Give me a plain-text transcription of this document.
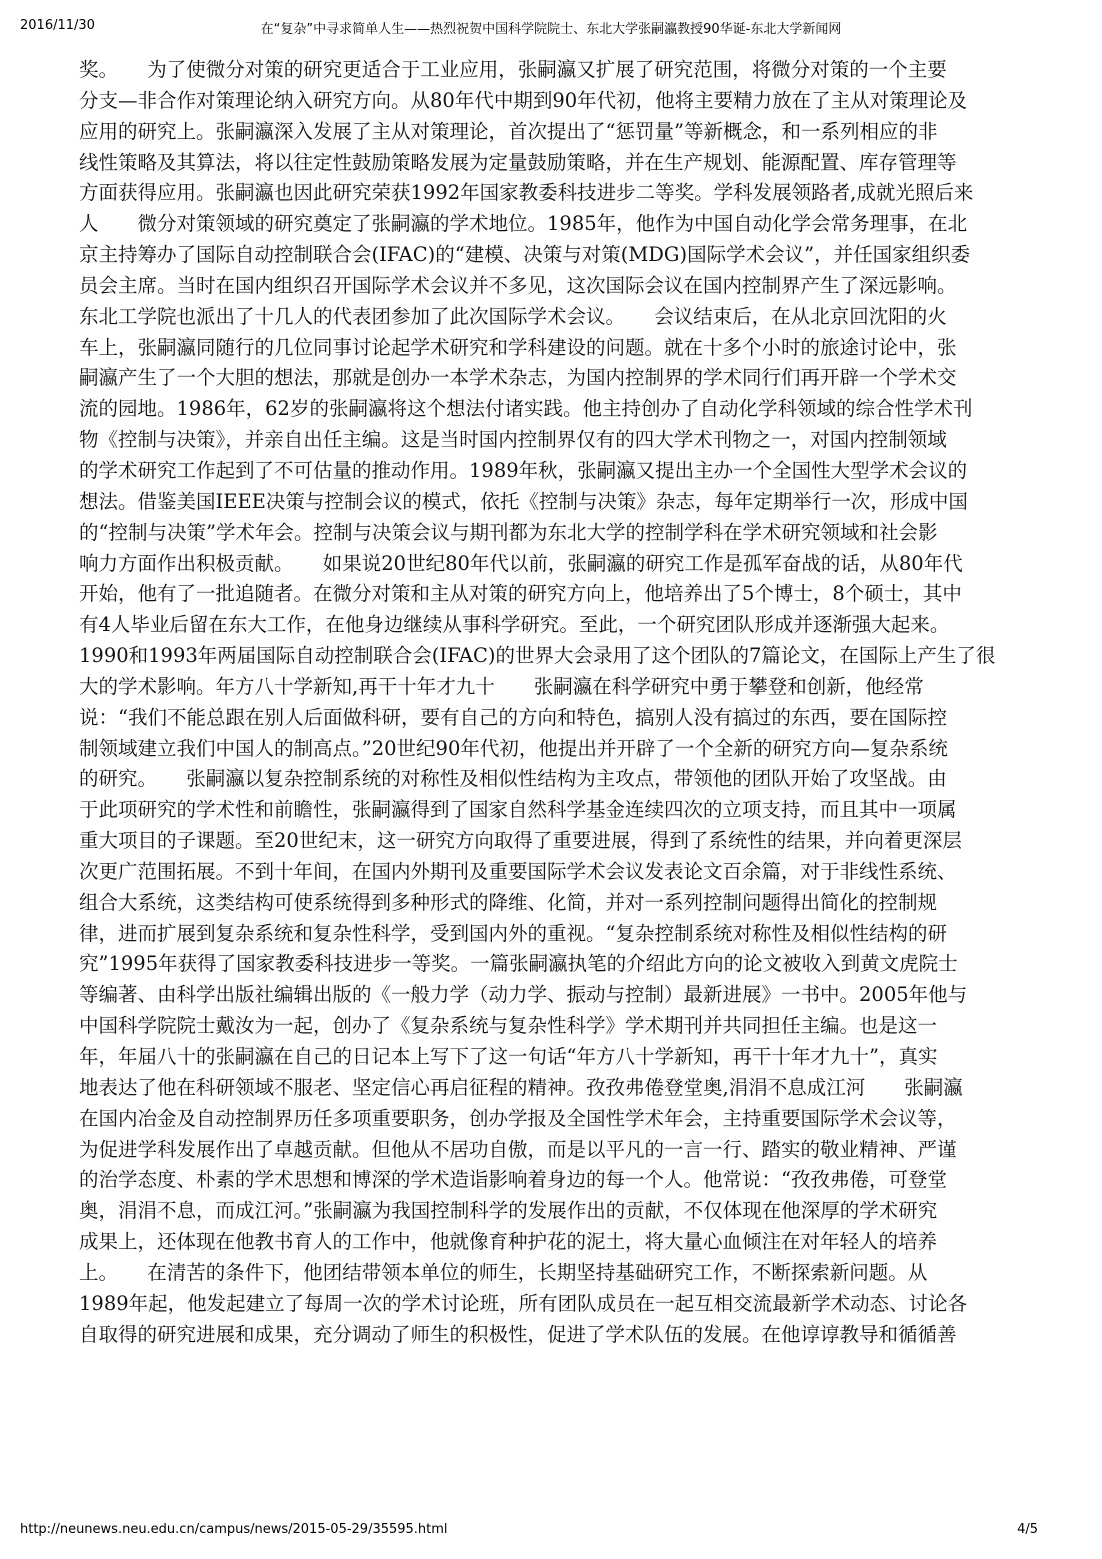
2016/11/30	在“复杂”中寻求简单人生——热烈祝贺中国科学院院士、东北大学张嗣瀛教授90华诞-东北大学新闻网
奖。　　为了使微分对策的研究更适合于工业应用，张嗣瀛又扩展了研究范围，将微分对策的一个主要
分支—非合作对策理论纳入研究方向。从80年代中期到90年代初，他将主要精力放在了主从对策理论及
应用的研究上。张嗣瀛深入发展了主从对策理论，首次提出了“惩罚量”等新概念，和一系列相应的非
线性策略及其算法，将以往定性鼓励策略发展为定量鼓励策略，并在生产规划、能源配置、库存管理等
方面获得应用。张嗣瀛也因此研究荣获1992年国家教委科技进步二等奖。学科发展领路者,成就光照后来
人　　微分对策领域的研究奠定了张嗣瀛的学术地位。1985年，他作为中国自动化学会常务理事，在北
京主持筹办了国际自动控制联合会(IFAC)的“建模、决策与对策(MDG)国际学术会议”，并任国家组织委
员会主席。当时在国内组织召开国际学术会议并不多见，这次国际会议在国内控制界产生了深远影响。
东北工学院也派出了十几人的代表团参加了此次国际学术会议。　　会议结束后，在从北京回沈阳的火
车上，张嗣瀛同随行的几位同事讨论起学术研究和学科建设的问题。就在十多个小时的旅途讨论中，张
嗣瀛产生了一个大胆的想法，那就是创办一本学术杂志，为国内控制界的学术同行们再开辟一个学术交
流的园地。1986年，62岁的张嗣瀛将这个想法付诸实践。他主持创办了自动化学科领域的综合性学术刊
物《控制与决策》，并亲自出任主编。这是当时国内控制界仅有的四大学术刊物之一，对国内控制领域
的学术研究工作起到了不可估量的推动作用。1989年秋，张嗣瀛又提出主办一个全国性大型学术会议的
想法。借鉴美国IEEE决策与控制会议的模式，依托《控制与决策》杂志，每年定期举行一次，形成中国
的“控制与决策”学术年会。控制与决策会议与期刊都为东北大学的控制学科在学术研究领域和社会影
响力方面作出积极贡献。　　如果说20世纪80年代以前，张嗣瀛的研究工作是孤军奋战的话，从80年代
开始，他有了一批追随者。在微分对策和主从对策的研究方向上，他培养出了5个博士，8个硕士，其中
有4人毕业后留在东大工作，在他身边继续从事科学研究。至此，一个研究团队形成并逐渐强大起来。
1990和1993年两届国际自动控制联合会(IFAC)的世界大会录用了这个团队的7篇论文，在国际上产生了很
大的学术影响。年方八十学新知,再干十年才九十　　张嗣瀛在科学研究中勇于攀登和创新，他经常
说：“我们不能总跟在别人后面做科研，要有自己的方向和特色，搞别人没有搞过的东西，要在国际控
制领域建立我们中国人的制高点。”20世纪90年代初，他提出并开辟了一个全新的研究方向—复杂系统
的研究。　　张嗣瀛以复杂控制系统的对称性及相似性结构为主攻点，带领他的团队开始了攻坚战。由
于此项研究的学术性和前瞻性，张嗣瀛得到了国家自然科学基金连续四次的立项支持，而且其中一项属
重大项目的子课题。至20世纪末，这一研究方向取得了重要进展，得到了系统性的结果，并向着更深层
次更广范围拓展。不到十年间，在国内外期刊及重要国际学术会议发表论文百余篇，对于非线性系统、
组合大系统，这类结构可使系统得到多种形式的降维、化简，并对一系列控制问题得出简化的控制规
律，进而扩展到复杂系统和复杂性科学，受到国内外的重视。“复杂控制系统对称性及相似性结构的研
究”1995年获得了国家教委科技进步一等奖。一篇张嗣瀛执笔的介绍此方向的论文被收入到黄文虎院士
等编著、由科学出版社编辑出版的《一般力学（动力学、振动与控制）最新进展》一书中。2005年他与
中国科学院院士戴汝为一起，创办了《复杂系统与复杂性科学》学术期刊并共同担任主编。也是这一
年，年届八十的张嗣瀛在自己的日记本上写下了这一句话“年方八十学新知，再干十年才九十”，真实
地表达了他在科研领域不服老、坚定信心再启征程的精神。孜孜弗倦登堂奥,涓涓不息成江河　　张嗣瀛
在国内冶金及自动控制界历任多项重要职务，创办学报及全国性学术年会，主持重要国际学术会议等，
为促进学科发展作出了卓越贡献。但他从不居功自傲，而是以平凡的一言一行、踏实的敬业精神、严谨
的治学态度、朴素的学术思想和博深的学术造诣影响着身边的每一个人。他常说：“孜孜弗倦，可登堂
奥，涓涓不息，而成江河。”张嗣瀛为我国控制科学的发展作出的贡献，不仅体现在他深厚的学术研究
成果上，还体现在他教书育人的工作中，他就像育种护花的泥土，将大量心血倾注在对年轻人的培养
上。　　在清苦的条件下，他团结带领本单位的师生，长期坚持基础研究工作，不断探索新问题。从
1989年起，他发起建立了每周一次的学术讨论班，所有团队成员在一起互相交流最新学术动态、讨论各
自取得的研究进展和成果，充分调动了师生的积极性，促进了学术队伍的发展。在他谆谆教导和循循善
http://neunews.neu.edu.cn/campus/news/2015-05-29/35595.html	4/5
